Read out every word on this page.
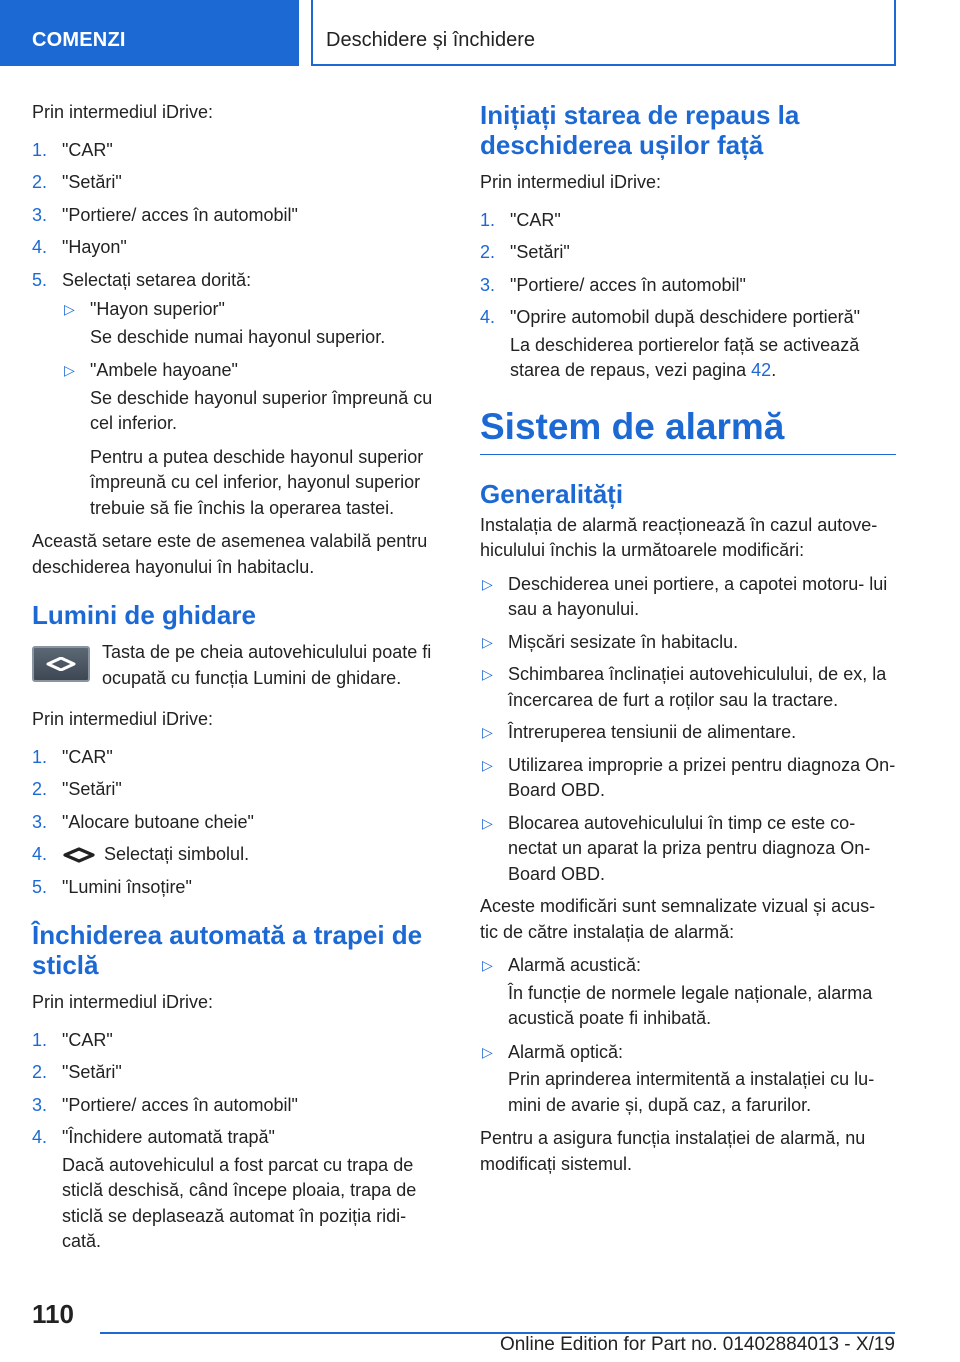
COMENZI	Deschidere și închidere

Prin intermediul iDrive:

1. "CAR"
2. "Setări"
3. "Portiere/ acces în automobil"
4. "Hayon"
5. Selectați setarea dorită:
▷ "Hayon superior"

Se deschide numai hayonul superior.

▷ "Ambele hayoane"

Se deschide hayonul superior împreună cu cel inferior.

Pentru a putea deschide hayonul superior împreună cu cel inferior, hayonul superior trebuie să fie închis la operarea tastei.

Această setare este de asemenea valabilă pentru deschiderea hayonului în habitaclu.

Lumini de ghidare

Tasta de pe cheia autovehiculului poate fi ocupată cu funcția Lumini de ghidare.

Prin intermediul iDrive:

1. "CAR"
2. "Setări"
3. "Alocare butoane cheie"
4.	Selectați simbolul.
5. "Lumini însoțire"
Închiderea automată a trapei de sticlă

Prin intermediul iDrive:

1. "CAR"
2. "Setări"
3. "Portiere/ acces în automobil"
4. "Închidere automată trapă"

Dacă autovehiculul a fost parcat cu trapa de sticlă deschisă, când începe ploaia, trapa de sticlă se deplasează automat în poziția ridi‐ cată.

Inițiați starea de repaus la deschiderea ușilor față

Prin intermediul iDrive:

1. "CAR"
2. "Setări"
3. "Portiere/ acces în automobil"
4. "Oprire automobil după deschidere portieră"

La deschiderea portierelor față se activează starea de repaus, vezi pagina 42.

Sistem de alarmă
Generalități

Instalația de alarmă reacționează în cazul autove‐ hiculului închis la următoarele modificări:

▷ Deschiderea unei portiere, a capotei motoru‐ lui sau a hayonului.
▷ Mișcări sesizate în habitaclu.
▷ Schimbarea înclinației autovehiculului, de ex, la încercarea de furt a roților sau la tractare.
▷ Întreruperea tensiunii de alimentare.
▷ Utilizarea improprie a prizei pentru diagnoza On-Board OBD.
▷ Blocarea autovehiculului în timp ce este co‐ nectat un aparat la priza pentru diagnoza On- Board OBD.

Aceste modificări sunt semnalizate vizual și acus‐ tic de către instalația de alarmă:

▷ Alarmă acustică:

În funcție de normele legale naționale, alarma acustică poate fi inhibată.

▷ Alarmă optică:

Prin aprinderea intermitentă a instalației cu lu‐ mini de avarie și, după caz, a farurilor.

Pentru a asigura funcția instalației de alarmă, nu modificați sistemul.

110
Online Edition for Part no. 01402884013 - X/19
